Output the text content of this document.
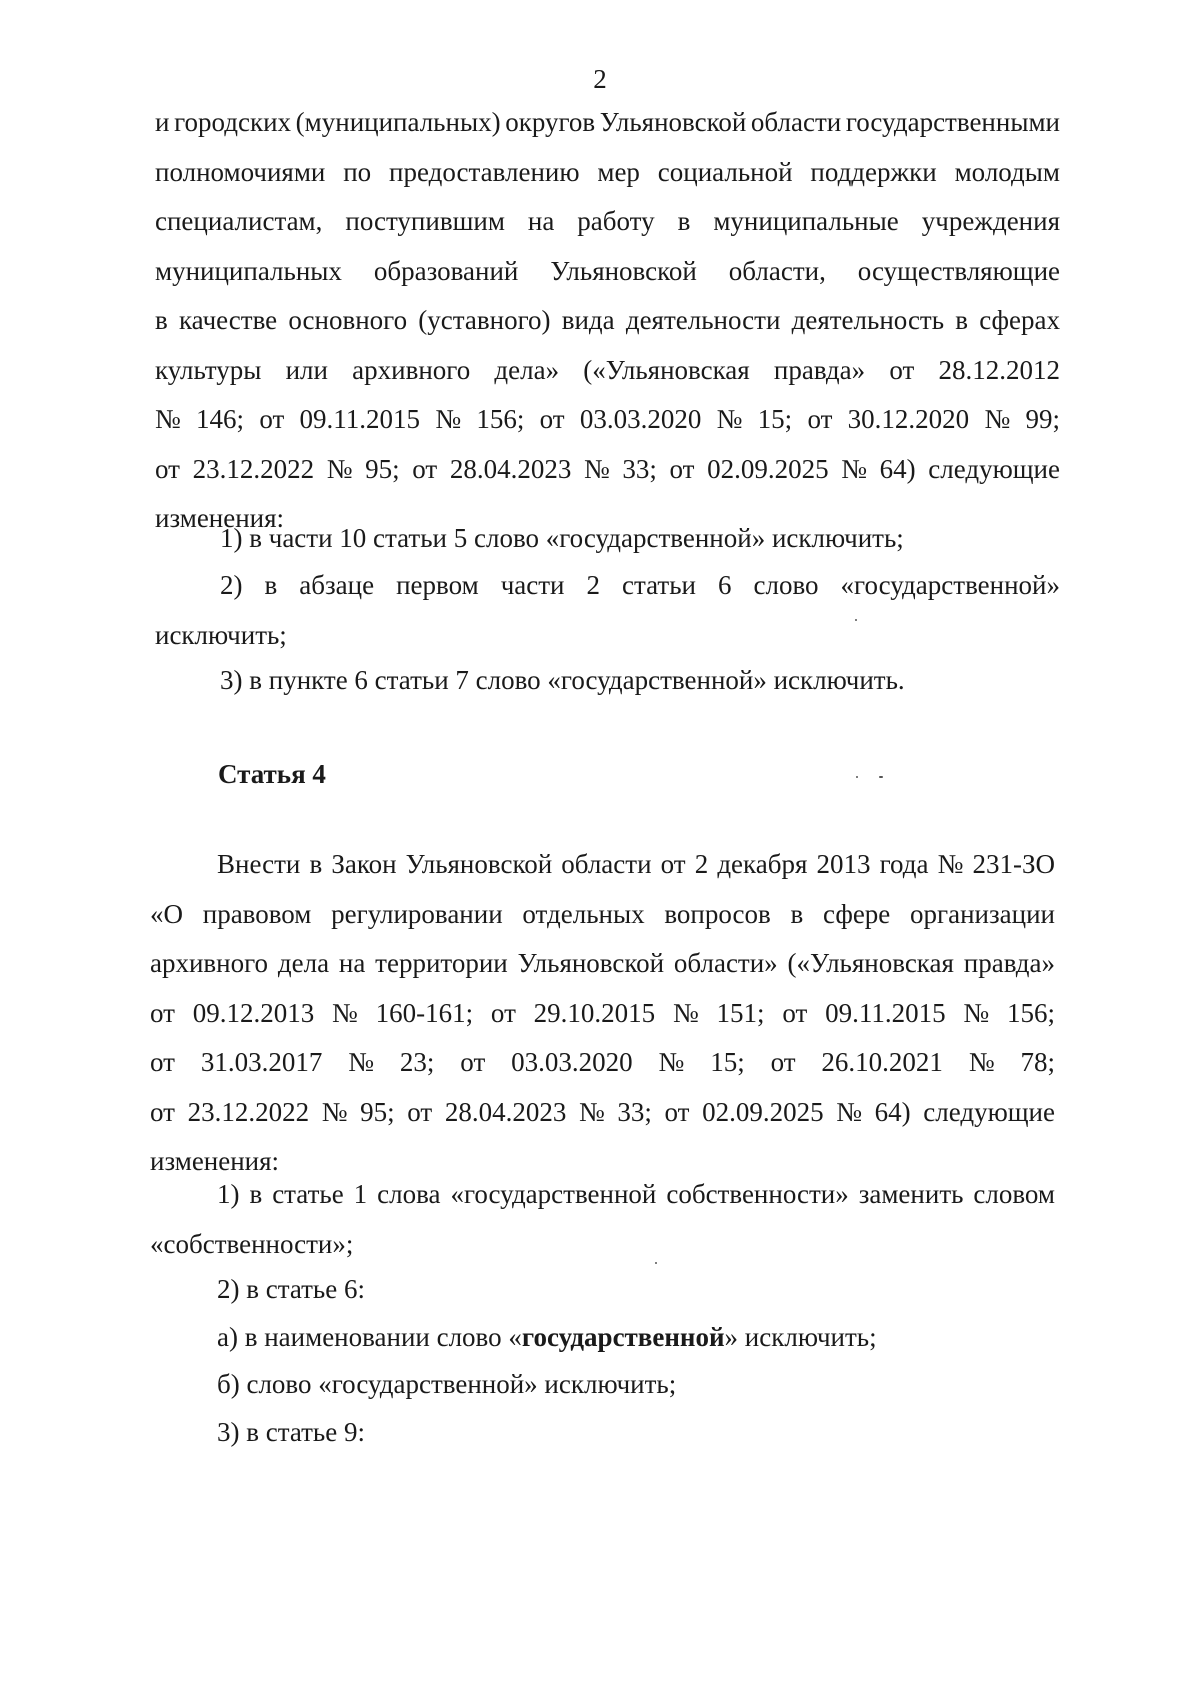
2
и городских (муниципальных) округов Ульяновской области государственными
полномочиями по предоставлению мер социальной поддержки молодым
специалистам, поступившим на работу в муниципальные учреждения
муниципальных образований Ульяновской области, осуществляющие
в качестве основного (уставного) вида деятельности деятельность в сферах
культуры или архивного дела» («Ульяновская правда» от 28.12.2012
№ 146; от 09.11.2015 № 156; от 03.03.2020 № 15; от 30.12.2020 № 99;
от 23.12.2022 № 95; от 28.04.2023 № 33; от 02.09.2025 № 64) следующие
изменения:
1) в части 10 статьи 5 слово «государственной» исключить;
2) в абзаце первом части 2 статьи 6 слово «государственной»
исключить;
3) в пункте 6 статьи 7 слово «государственной» исключить.
Статья 4
Внести в Закон Ульяновской области от 2 декабря 2013 года № 231-ЗО
«О правовом регулировании отдельных вопросов в сфере организации
архивного дела на территории Ульяновской области» («Ульяновская правда»
от 09.12.2013 № 160-161; от 29.10.2015 № 151; от 09.11.2015 № 156;
от 31.03.2017 № 23; от 03.03.2020 № 15; от 26.10.2021 № 78;
от 23.12.2022 № 95; от 28.04.2023 № 33; от 02.09.2025 № 64) следующие
изменения:
1) в статье 1 слова «государственной собственности» заменить словом
«собственности»;
2) в статье 6:
а) в наименовании слово «государственной» исключить;
б) слово «государственной» исключить;
3) в статье 9:
